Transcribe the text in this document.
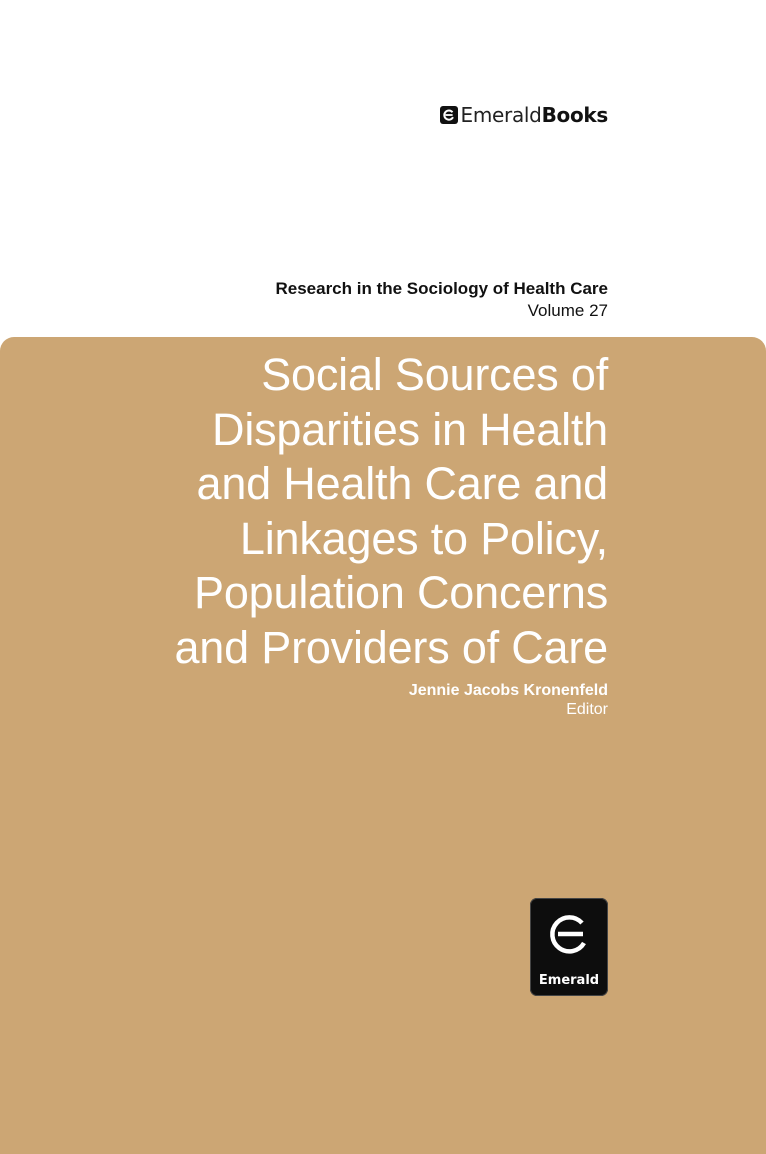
Emerald Books
Research in the Sociology of Health Care
Volume 27
Social Sources of
Disparities in Health
and Health Care and
Linkages to Policy,
Population Concerns
and Providers of Care
Jennie Jacobs Kronenfeld
Editor
Emerald
